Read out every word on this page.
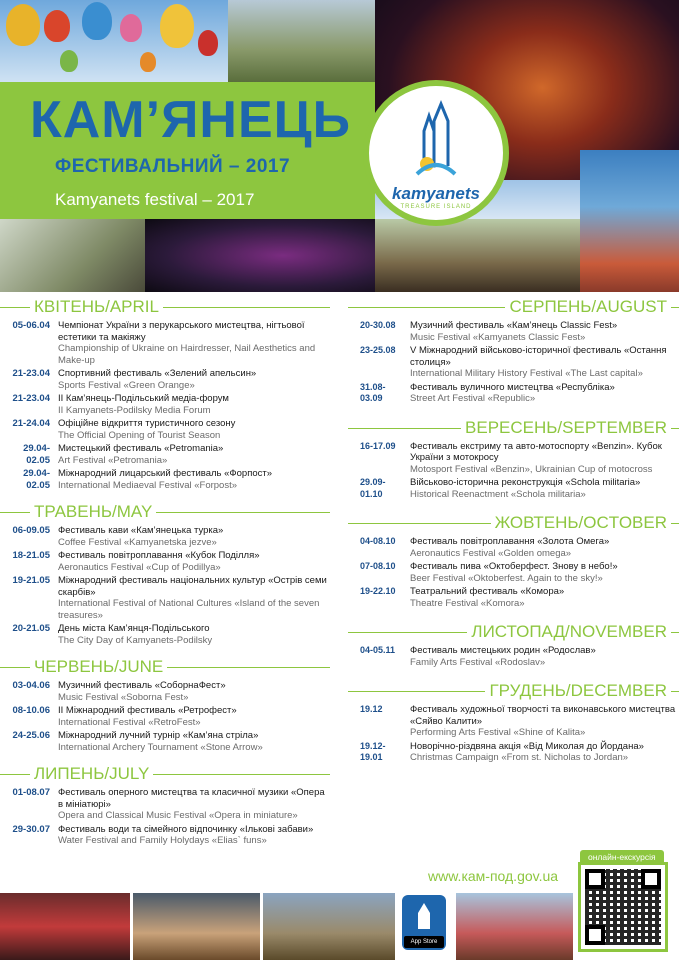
КАМ’ЯНЕЦЬ
ФЕСТИВАЛЬНИЙ – 2017
Kamyanets festival – 2017	kamyanets
TREASURE ISLAND
КВІТЕНЬ/APRIL
05-06.04 Чемпіонат України з перукарського мистецтва, нігтьової естетики та макіяжу
Championship of Ukraine on Hairdresser, Nail Aesthetics and Make-up
21-23.04 Спортивний фестиваль «Зелений апельсин»
Sports Festival «Green Orange»
21-23.04 ІІ Кам’янець-Подільський медіа-форум
II Kamyanets-Podilsky Media Forum
21-24.04 Офіційне відкриття туристичного сезону
The Official Opening of Tourist Season
29.04-02.05
Мистецький фестиваль «Petromania»
Art Festival «Petromania»
29.04-02.05
Міжнародний лицарський фестиваль «Форпост»
International Mediaeval Festival «Forpost»
ТРАВЕНЬ/MAY
06-09.05 Фестиваль кави «Кам’янецька турка»
Coffee Festival «Kamyanetska jezve»
18-21.05 Фестиваль повітроплавання «Кубок Поділля»
Aeronautics Festival «Cup of Podillya»
19-21.05 Міжнародний фестиваль національних культур «Острів семи скарбів»
International Festival of National Cultures «Island of the seven treasures»
20-21.05 День міста Кам’янця-Подільського
The City Day of Kamyanets-Podilsky
ЧЕРВЕНЬ/JUNE
03-04.06 Музичний фестиваль «СоборнаФест»
Music Festival «Soborna Fest»
08-10.06 ІІ Міжнародний фестиваль «Ретрофест»
International Festival «RetroFest»
24-25.06 Міжнародний лучний турнір «Кам’яна стріла»
International Archery Tournament «Stone Arrow»
ЛИПЕНЬ/JULY
01-08.07 Фестиваль оперного мистецтва та класичної музики «Опера в мініатюрі»
Opera and Classical Music Festival «Opera in miniature»
29-30.07 Фестиваль води та сімейного відпочинку «Ількові забави»
Water Festival and Family Holydays «Elias` funs»
СЕРПЕНЬ/AUGUST
20-30.08	Музичний фестиваль «Кам’янець Classic Fest»
Music Festival «Kamyanets Classic Fest»
23-25.08	V Міжнародний військово-історичної фестиваль «Остання столиця»
International Military History Festival «The Last capital»
31.08-03.09
Фестиваль вуличного мистецтва «Республіка»
Street Art Festival «Republic»
ВЕРЕСЕНЬ/SEPTEMBER
16-17.09	Фестиваль екстриму та авто-мотоспорту «Benzin». Кубок України з мотокросу
Motosport Festival «Benzin», Ukrainian Cup of motocross
29.09-01.10
Військово-історична реконструкція «Schola militaria»
Historical Reenactment «Schola militaria»
ЖОВТЕНЬ/OCTOBER
04-08.10	Фестиваль повітроплавання «Золота Омега»
Aeronautics Festival «Golden omega»
07-08.10	Фестиваль пива «Октоберфест. Знову в небо!»
Beer Festival «Oktoberfest. Again to the sky!»
19-22.10	Театральний фестиваль «Комора»
Theatre Festival «Komora»
ЛИСТОПАД/NOVEMBER
04-05.11	Фестиваль мистецьких родин «Родослав»
Family Arts Festival «Rodoslav»
ГРУДЕНЬ/DECEMBER
19.12	Фестиваль художньої творчості та виконавського мистецтва «Сяйво Калити»
Performing Arts Festival «Shine of Kalita»
19.12-19.01
Новорічно-різдвяна акція «Від Миколая до Йордана»
Christmas Campaign «From st. Nicholas to Jordan»
www.кам-под.gov.ua
онлайн-екскурсія
App Store
